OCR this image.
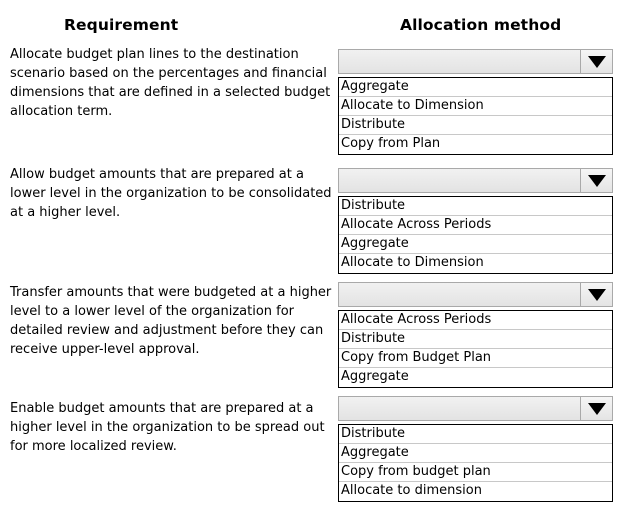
Requirement	Allocation method
Allocate budget plan lines to the destination
scenario based on the percentages and financial
dimensions that are defined in a selected budget
allocation term.
Aggregate
Allocate to Dimension
Distribute
Copy from Plan
Allow budget amounts that are prepared at a
lower level in the organization to be consolidated
at a higher level.	Distribute
Allocate Across Periods
Aggregate
Allocate to Dimension
Transfer amounts that were budgeted at a higher
level to a lower level of the organization for
detailed review and adjustment before they can
receive upper-level approval.
Allocate Across Periods
Distribute
Copy from Budget Plan
Aggregate
Enable budget amounts that are prepared at a
higher level in the organization to be spread out
for more localized review.
Distribute
Aggregate
Copy from budget plan
Allocate to dimension
